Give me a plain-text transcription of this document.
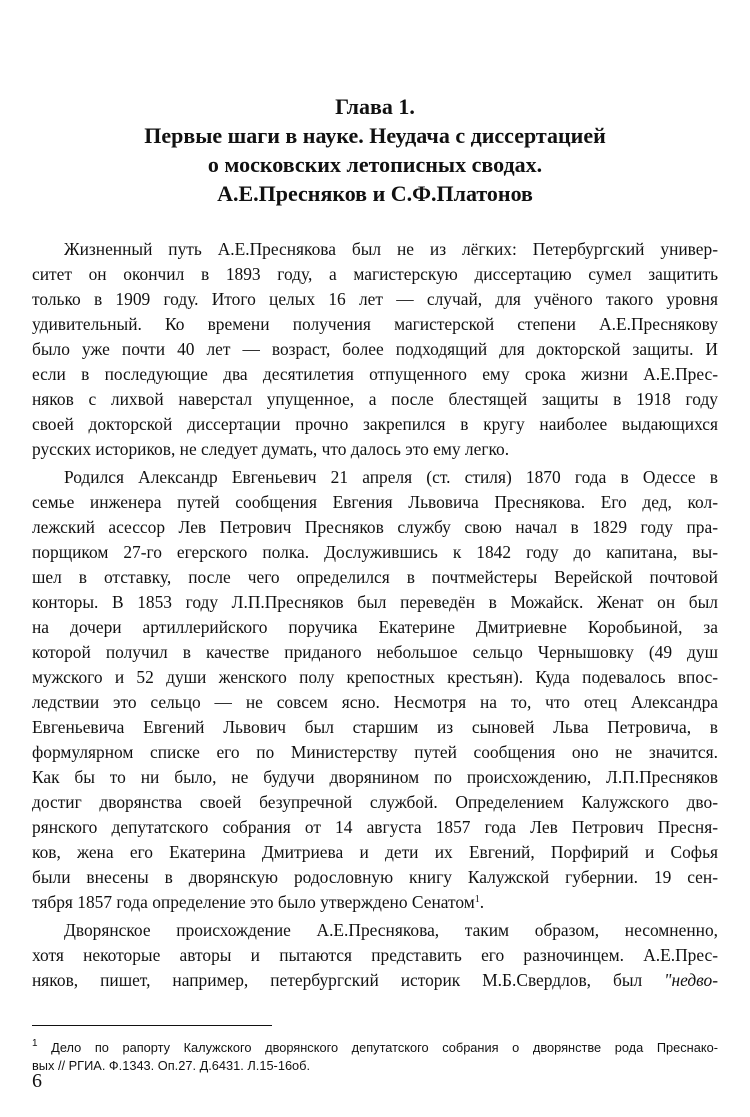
Глава 1.
Первые шаги в науке. Неудача с диссертацией
о московских летописных сводах.
А.Е.Пресняков и С.Ф.Платонов
Жизненный путь А.Е.Преснякова был не из лёгких: Петербургский универ-
ситет он окончил в 1893 году, а магистерскую диссертацию сумел защитить
только в 1909 году. Итого целых 16 лет — случай, для учёного такого уровня
удивительный. Ко времени получения магистерской степени А.Е.Преснякову
было уже почти 40 лет — возраст, более подходящий для докторской защиты. И
если в последующие два десятилетия отпущенного ему срока жизни А.Е.Прес-
няков с лихвой наверстал упущенное, а после блестящей защиты в 1918 году
своей докторской диссертации прочно закрепился в кругу наиболее выдающихся
русских историков, не следует думать, что далось это ему легко.
Родился Александр Евгеньевич 21 апреля (ст. стиля) 1870 года в Одессе в
семье инженера путей сообщения Евгения Львовича Преснякова. Его дед, кол-
лежский асессор Лев Петрович Пресняков службу свою начал в 1829 году пра-
порщиком 27-го егерского полка. Дослужившись к 1842 году до капитана, вы-
шел в отставку, после чего определился в почтмейстеры Верейской почтовой
конторы. В 1853 году Л.П.Пресняков был переведён в Можайск. Женат он был
на дочери артиллерийского поручика Екатерине Дмитриевне Коробьиной, за
которой получил в качестве приданого небольшое сельцо Чернышовку (49 душ
мужского и 52 души женского полу крепостных крестьян). Куда подевалось впос-
ледствии это сельцо — не совсем ясно. Несмотря на то, что отец Александра
Евгеньевича Евгений Львович был старшим из сыновей Льва Петровича, в
формулярном списке его по Министерству путей сообщения оно не значится.
Как бы то ни было, не будучи дворянином по происхождению, Л.П.Пресняков
достиг дворянства своей безупречной службой. Определением Калужского дво-
рянского депутатского собрания от 14 августа 1857 года Лев Петрович Пресня-
ков, жена его Екатерина Дмитриева и дети их Евгений, Порфирий и Софья
были внесены в дворянскую родословную книгу Калужской губернии. 19 сен-
тября 1857 года определение это было утверждено Сенатом$^1$.
Дворянское происхождение А.Е.Преснякова, таким образом, несомненно,
хотя некоторые авторы и пытаются представить его разночинцем. А.Е.Прес-
няков, пишет, например, петербургский историк М.Б.Свердлов, был "недво-
$^1$ Дело по рапорту Калужского дворянского депутатского собрания о дворянстве рода Преснако-
вых // РГИА. Ф.1343. Оп.27. Д.6431. Л.15-16об.
6
